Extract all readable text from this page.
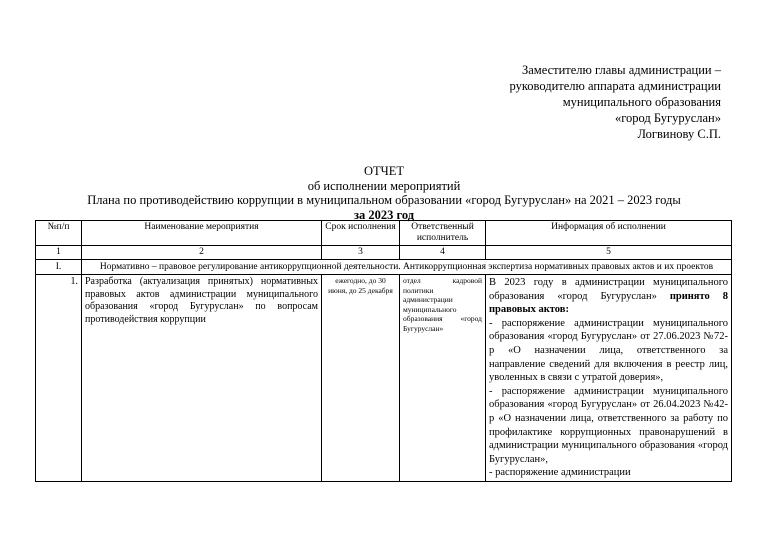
Заместителю главы администрации –
руководителю аппарата администрации
муниципального образования
«город Бугуруслан»
Логвинову С.П.
ОТЧЕТ
об исполнении мероприятий
Плана по противодействию коррупции в муниципальном образовании «город Бугуруслан» на 2021 – 2023 годы
за 2023 год
№п/п	Наименование мероприятия	Срок исполнения	Ответственный исполнитель	Информация об исполнении
1	2	3	4	5
I.	Нормативно – правовое регулирование антикоррупционной деятельности. Антикоррупционная экспертиза нормативных правовых актов и их проектов			
1.	Разработка (актуализация принятых) нормативных правовых актов администрации муниципального образования «город Бугуруслан» по вопросам противодействия коррупции	ежегодно, до 30 июня, до 25 декабря	отдел кадровой политики администрации муниципального образования «город Бугуруслан»	В 2023 году в администрации муниципального образования «город Бугуруслан» принято 8 правовых актов:

- распоряжение администрации муниципального образования «город Бугуруслан» от 27.06.2023 №72-р «О назначении лица, ответственного за направление сведений для включения в реестр лиц, уволенных в связи с утратой доверия»,

- распоряжение администрации муниципального образования «город Бугуруслан» от 26.04.2023 №42-р «О назначении лица, ответственного за работу по профилактике коррупционных правонарушений в администрации муниципального образования «город Бугуруслан»,

- распоряжение администрации
